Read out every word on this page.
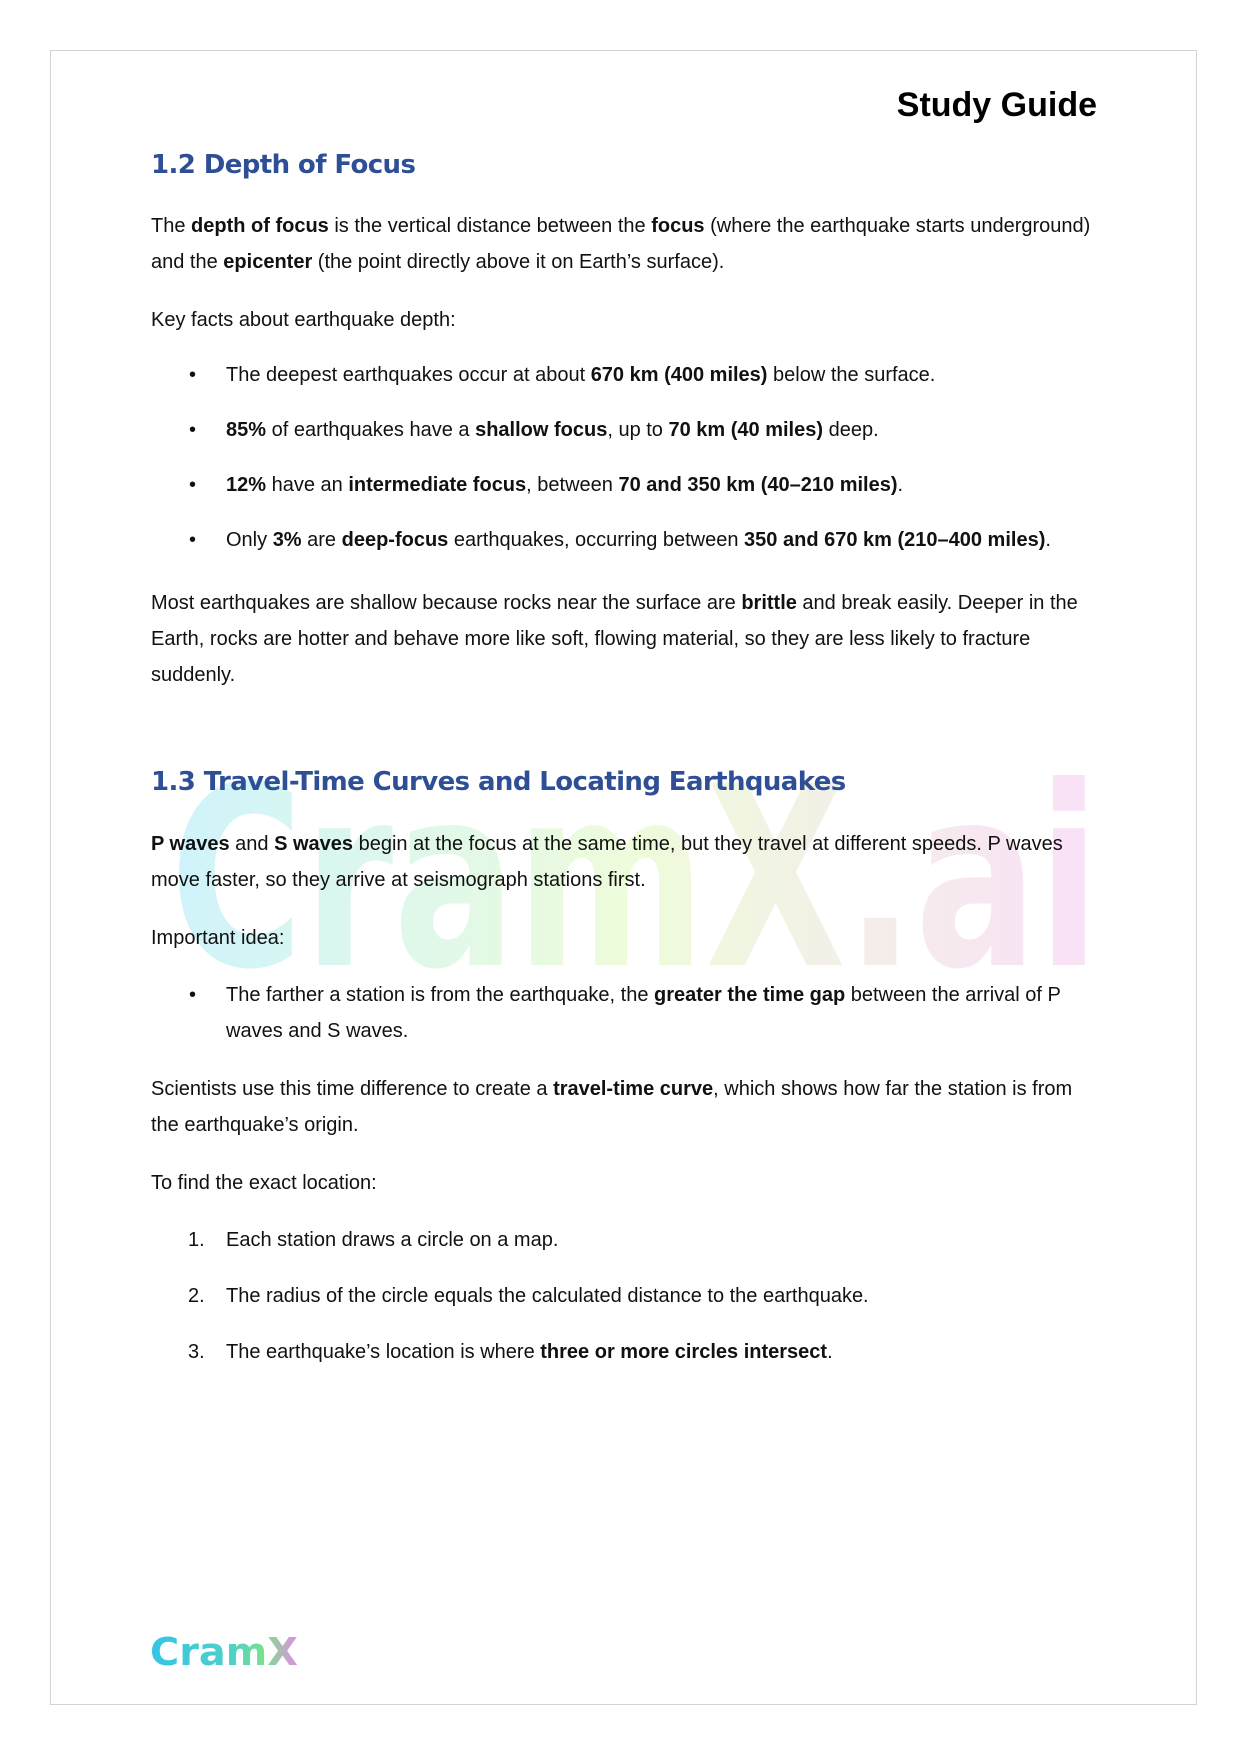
CramX.ai
Study Guide
1.2 Depth of Focus

The depth of focus is the vertical distance between the focus (where the earthquake starts underground) and the epicenter (the point directly above it on Earth’s surface).

Key facts about earthquake depth:

• The deepest earthquakes occur at about 670 km (400 miles) below the surface.
• 85% of earthquakes have a shallow focus, up to 70 km (40 miles) deep.
• 12% have an intermediate focus, between 70 and 350 km (40–210 miles).
• Only 3% are deep-focus earthquakes, occurring between 350 and 670 km (210–400 miles).

Most earthquakes are shallow because rocks near the surface are brittle and break easily. Deeper in the Earth, rocks are hotter and behave more like soft, flowing material, so they are less likely to fracture suddenly.

1.3 Travel-Time Curves and Locating Earthquakes

P waves and S waves begin at the focus at the same time, but they travel at different speeds. P waves move faster, so they arrive at seismograph stations first.

Important idea:

• The farther a station is from the earthquake, the greater the time gap between the arrival of P waves and S waves.

Scientists use this time difference to create a travel-time curve, which shows how far the station is from the earthquake’s origin.

To find the exact location:

1. Each station draws a circle on a map.
2. The radius of the circle equals the calculated distance to the earthquake.
3. The earthquake’s location is where three or more circles intersect.
CramX
